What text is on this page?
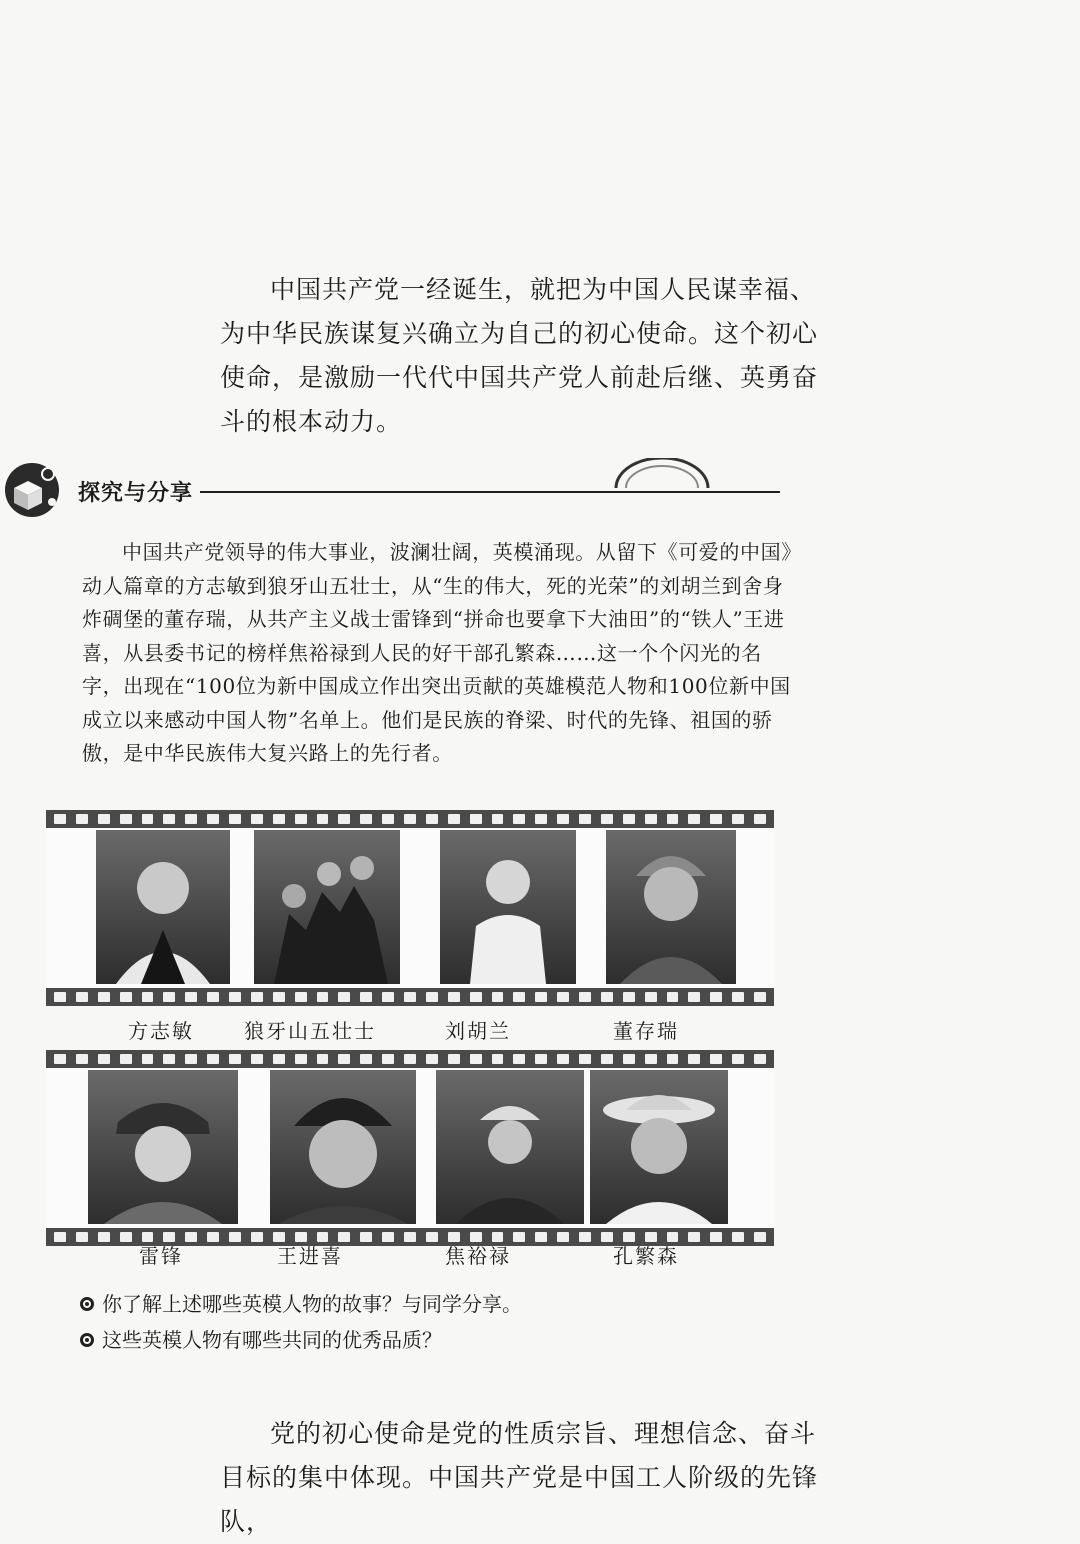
中国共产党一经诞生，就把为中国人民谋幸福、为中华民族谋复兴确立为自己的初心使命。这个初心使命，是激励一代代中国共产党人前赴后继、英勇奋斗的根本动力。

探究与分享

中国共产党领导的伟大事业，波澜壮阔，英模涌现。从留下《可爱的中国》动人篇章的方志敏到狼牙山五壮士，从“生的伟大，死的光荣”的刘胡兰到舍身炸碉堡的董存瑞，从共产主义战士雷锋到“拼命也要拿下大油田”的“铁人”王进喜，从县委书记的榜样焦裕禄到人民的好干部孔繁森……这一个个闪光的名字，出现在“100位为新中国成立作出突出贡献的英雄模范人物和100位新中国成立以来感动中国人物”名单上。他们是民族的脊梁、时代的先锋、祖国的骄傲，是中华民族伟大复兴路上的先行者。

方志敏	狼牙山五壮士	刘胡兰	董存瑞
雷锋	王进喜	焦裕禄	孔繁森
你了解上述哪些英模人物的故事？与同学分享。
这些英模人物有哪些共同的优秀品质？

党的初心使命是党的性质宗旨、理想信念、奋斗目标的集中体现。中国共产党是中国工人阶级的先锋队，
